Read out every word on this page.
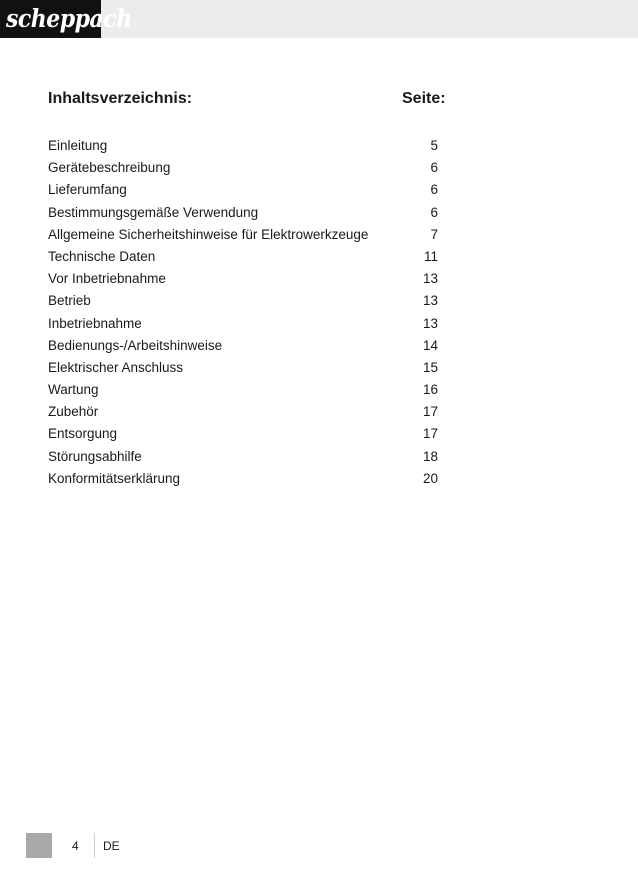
scheppach
Inhaltsverzeichnis:	Seite:
Einleitung	5
Gerätebeschreibung	6
Lieferumfang	6
Bestimmungsgemäße Verwendung	6
Allgemeine Sicherheitshinweise für Elektrowerkzeuge	7
Technische Daten	11
Vor Inbetriebnahme	13
Betrieb	13
Inbetriebnahme	13
Bedienungs-/Arbeitshinweise	14
Elektrischer Anschluss	15
Wartung	16
Zubehör	17
Entsorgung	17
Störungsabhilfe	18
Konformitätserklärung	20
4 DE
